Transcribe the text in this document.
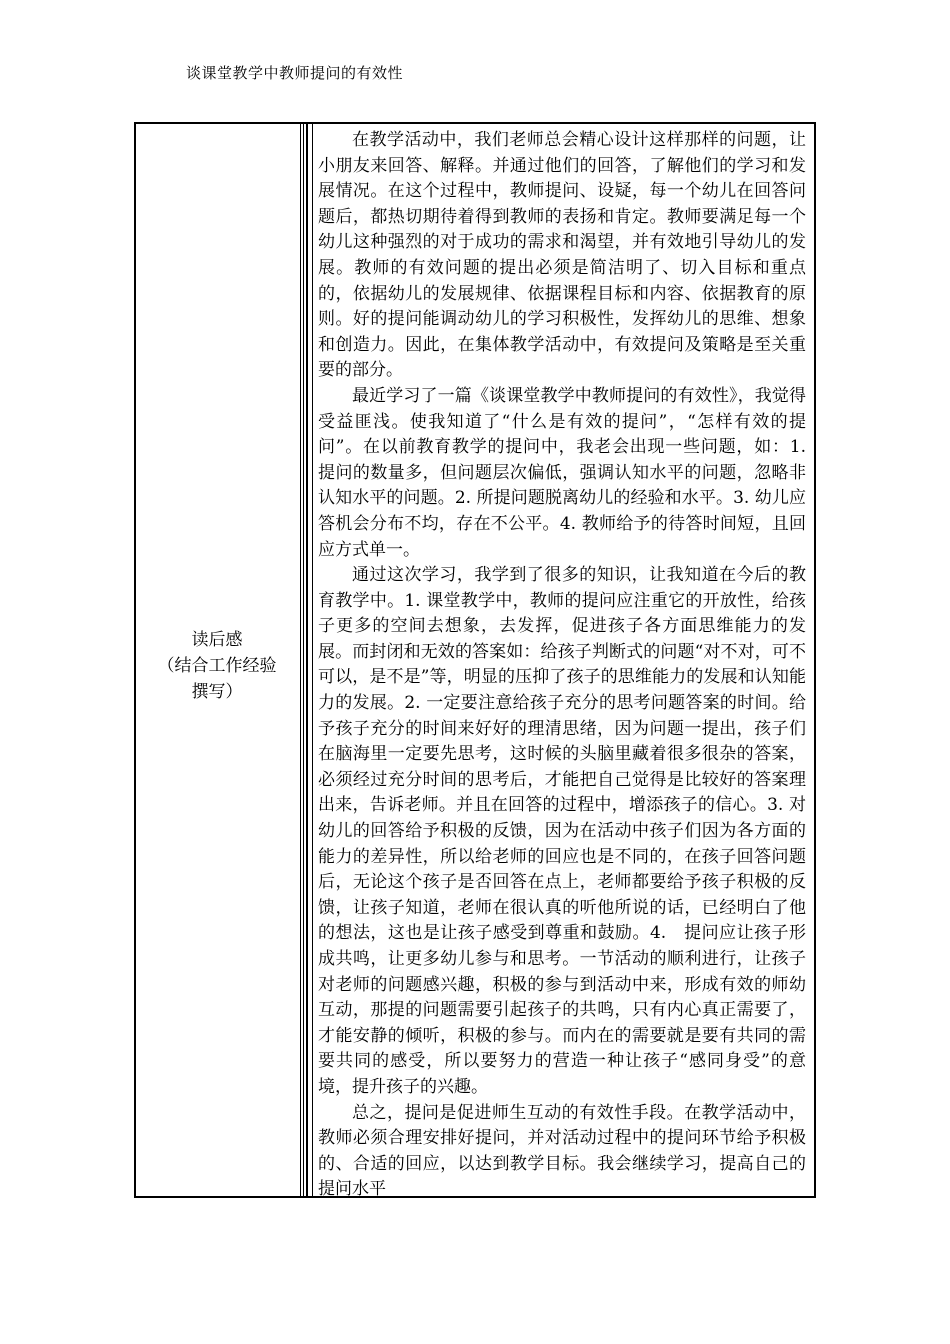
谈课堂教学中教师提问的有效性
读后感
（结合工作经验
撰写）

在教学活动中，我们老师总会精心设计这样那样的问题，让小朋友来回答、解释。并通过他们的回答，了解他们的学习和发展情况。在这个过程中，教师提问、设疑，每一个幼儿在回答问题后，都热切期待着得到教师的表扬和肯定。教师要满足每一个幼儿这种强烈的对于成功的需求和渴望，并有效地引导幼儿的发展。教师的有效问题的提出必须是简洁明了、切入目标和重点的，依据幼儿的发展规律、依据课程目标和内容、依据教育的原则。好的提问能调动幼儿的学习积极性，发挥幼儿的思维、想象和创造力。因此，在集体教学活动中，有效提问及策略是至关重要的部分。

最近学习了一篇《谈课堂教学中教师提问的有效性》，我觉得受益匪浅。使我知道了“什么是有效的提问”，“怎样有效的提问”。在以前教育教学的提问中，我老会出现一些问题，如：1. 提问的数量多，但问题层次偏低，强调认知水平的问题，忽略非认知水平的问题。2. 所提问题脱离幼儿的经验和水平。3. 幼儿应答机会分布不均，存在不公平。4. 教师给予的待答时间短，且回应方式单一。

通过这次学习，我学到了很多的知识，让我知道在今后的教育教学中。1. 课堂教学中，教师的提问应注重它的开放性，给孩子更多的空间去想象，去发挥，促进孩子各方面思维能力的发展。而封闭和无效的答案如：给孩子判断式的问题“对不对，可不可以，是不是”等，明显的压抑了孩子的思维能力的发展和认知能力的发展。2. 一定要注意给孩子充分的思考问题答案的时间。给予孩子充分的时间来好好的理清思绪，因为问题一提出，孩子们在脑海里一定要先思考，这时候的头脑里藏着很多很杂的答案，必须经过充分时间的思考后，才能把自己觉得是比较好的答案理出来，告诉老师。并且在回答的过程中，增添孩子的信心。3. 对幼儿的回答给予积极的反馈，因为在活动中孩子们因为各方面的能力的差异性，所以给老师的回应也是不同的，在孩子回答问题后，无论这个孩子是否回答在点上，老师都要给予孩子积极的反馈，让孩子知道，老师在很认真的听他所说的话，已经明白了他的想法，这也是让孩子感受到尊重和鼓励。4.　提问应让孩子形成共鸣，让更多幼儿参与和思考。一节活动的顺利进行，让孩子对老师的问题感兴趣，积极的参与到活动中来，形成有效的师幼互动，那提的问题需要引起孩子的共鸣，只有内心真正需要了，才能安静的倾听，积极的参与。而内在的需要就是要有共同的需要共同的感受，所以要努力的营造一种让孩子“感同身受”的意境，提升孩子的兴趣。

总之，提问是促进师生互动的有效性手段。在教学活动中，教师必须合理安排好提问，并对活动过程中的提问环节给予积极的、合适的回应，以达到教学目标。我会继续学习，提高自己的提问水平
